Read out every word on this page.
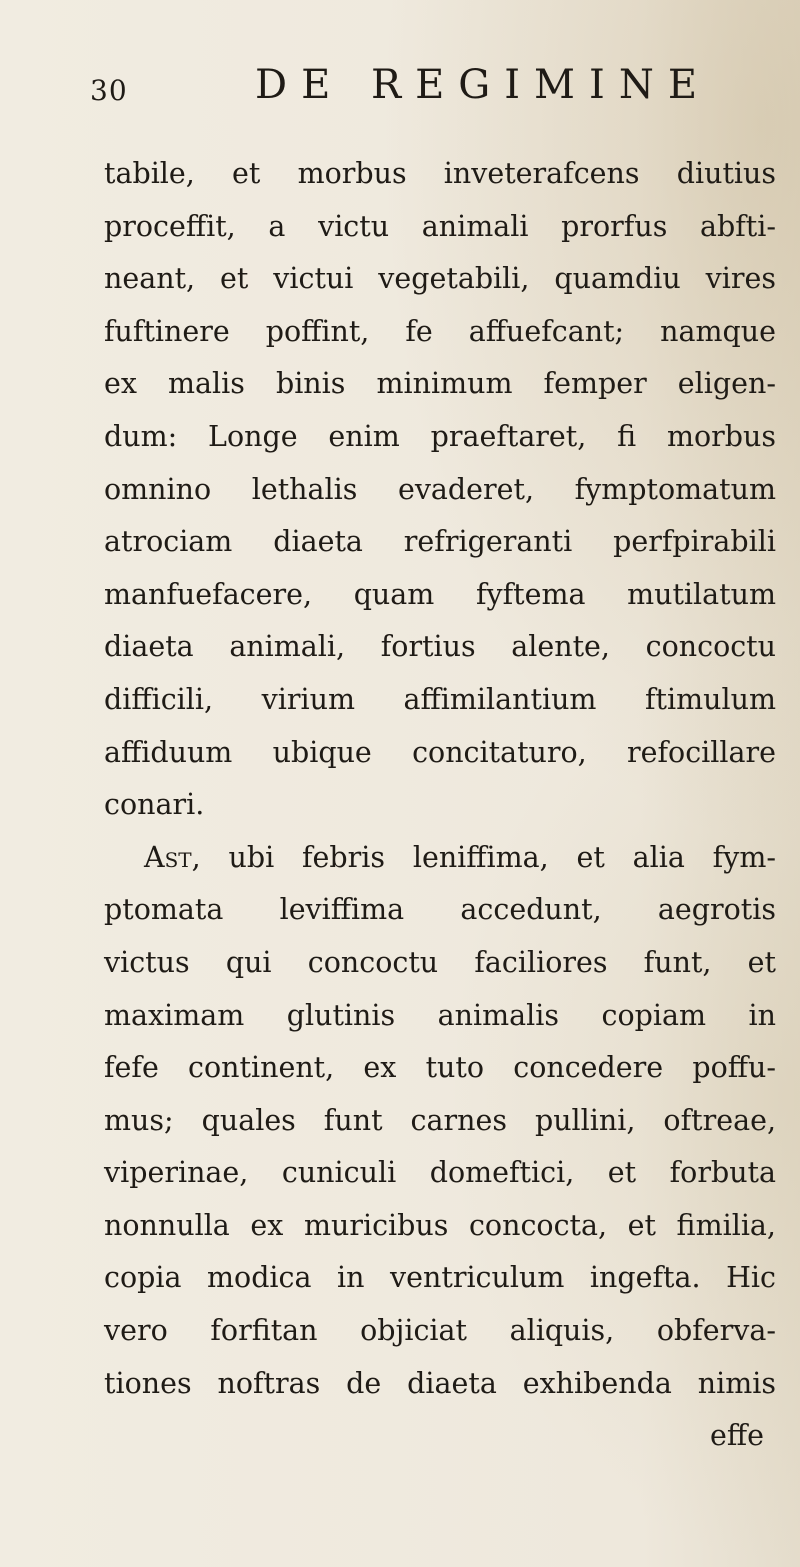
30	DE REGIMINE
tabile, et morbus inveterafcens diutius
proceffit, a victu animali prorfus abfti-
neant, et victui vegetabili, quamdiu vires
fuftinere poffint, fe affuefcant; namque
ex malis binis minimum femper eligen-
dum: Longe enim praeftaret, fi morbus
omnino lethalis evaderet, fymptomatum
atrociam diaeta refrigeranti perfpirabili
manfuefacere, quam fyftema mutilatum
diaeta animali, fortius alente, concoctu
difficili, virium affimilantium ftimulum
affiduum ubique concitaturo, refocillare
conari.
Ast, ubi febris leniffima, et alia fym-
ptomata leviffima accedunt, aegrotis
victus qui concoctu faciliores funt, et
maximam glutinis animalis copiam in
fefe continent, ex tuto concedere poffu-
mus; quales funt carnes pullini, oftreae,
viperinae, cuniculi domeftici, et forbuta
nonnulla ex muricibus concocta, et fimilia,
copia modica in ventriculum ingefta. Hic
vero forfitan objiciat aliquis, obferva-
tiones noftras de diaeta exhibenda nimis
effe
